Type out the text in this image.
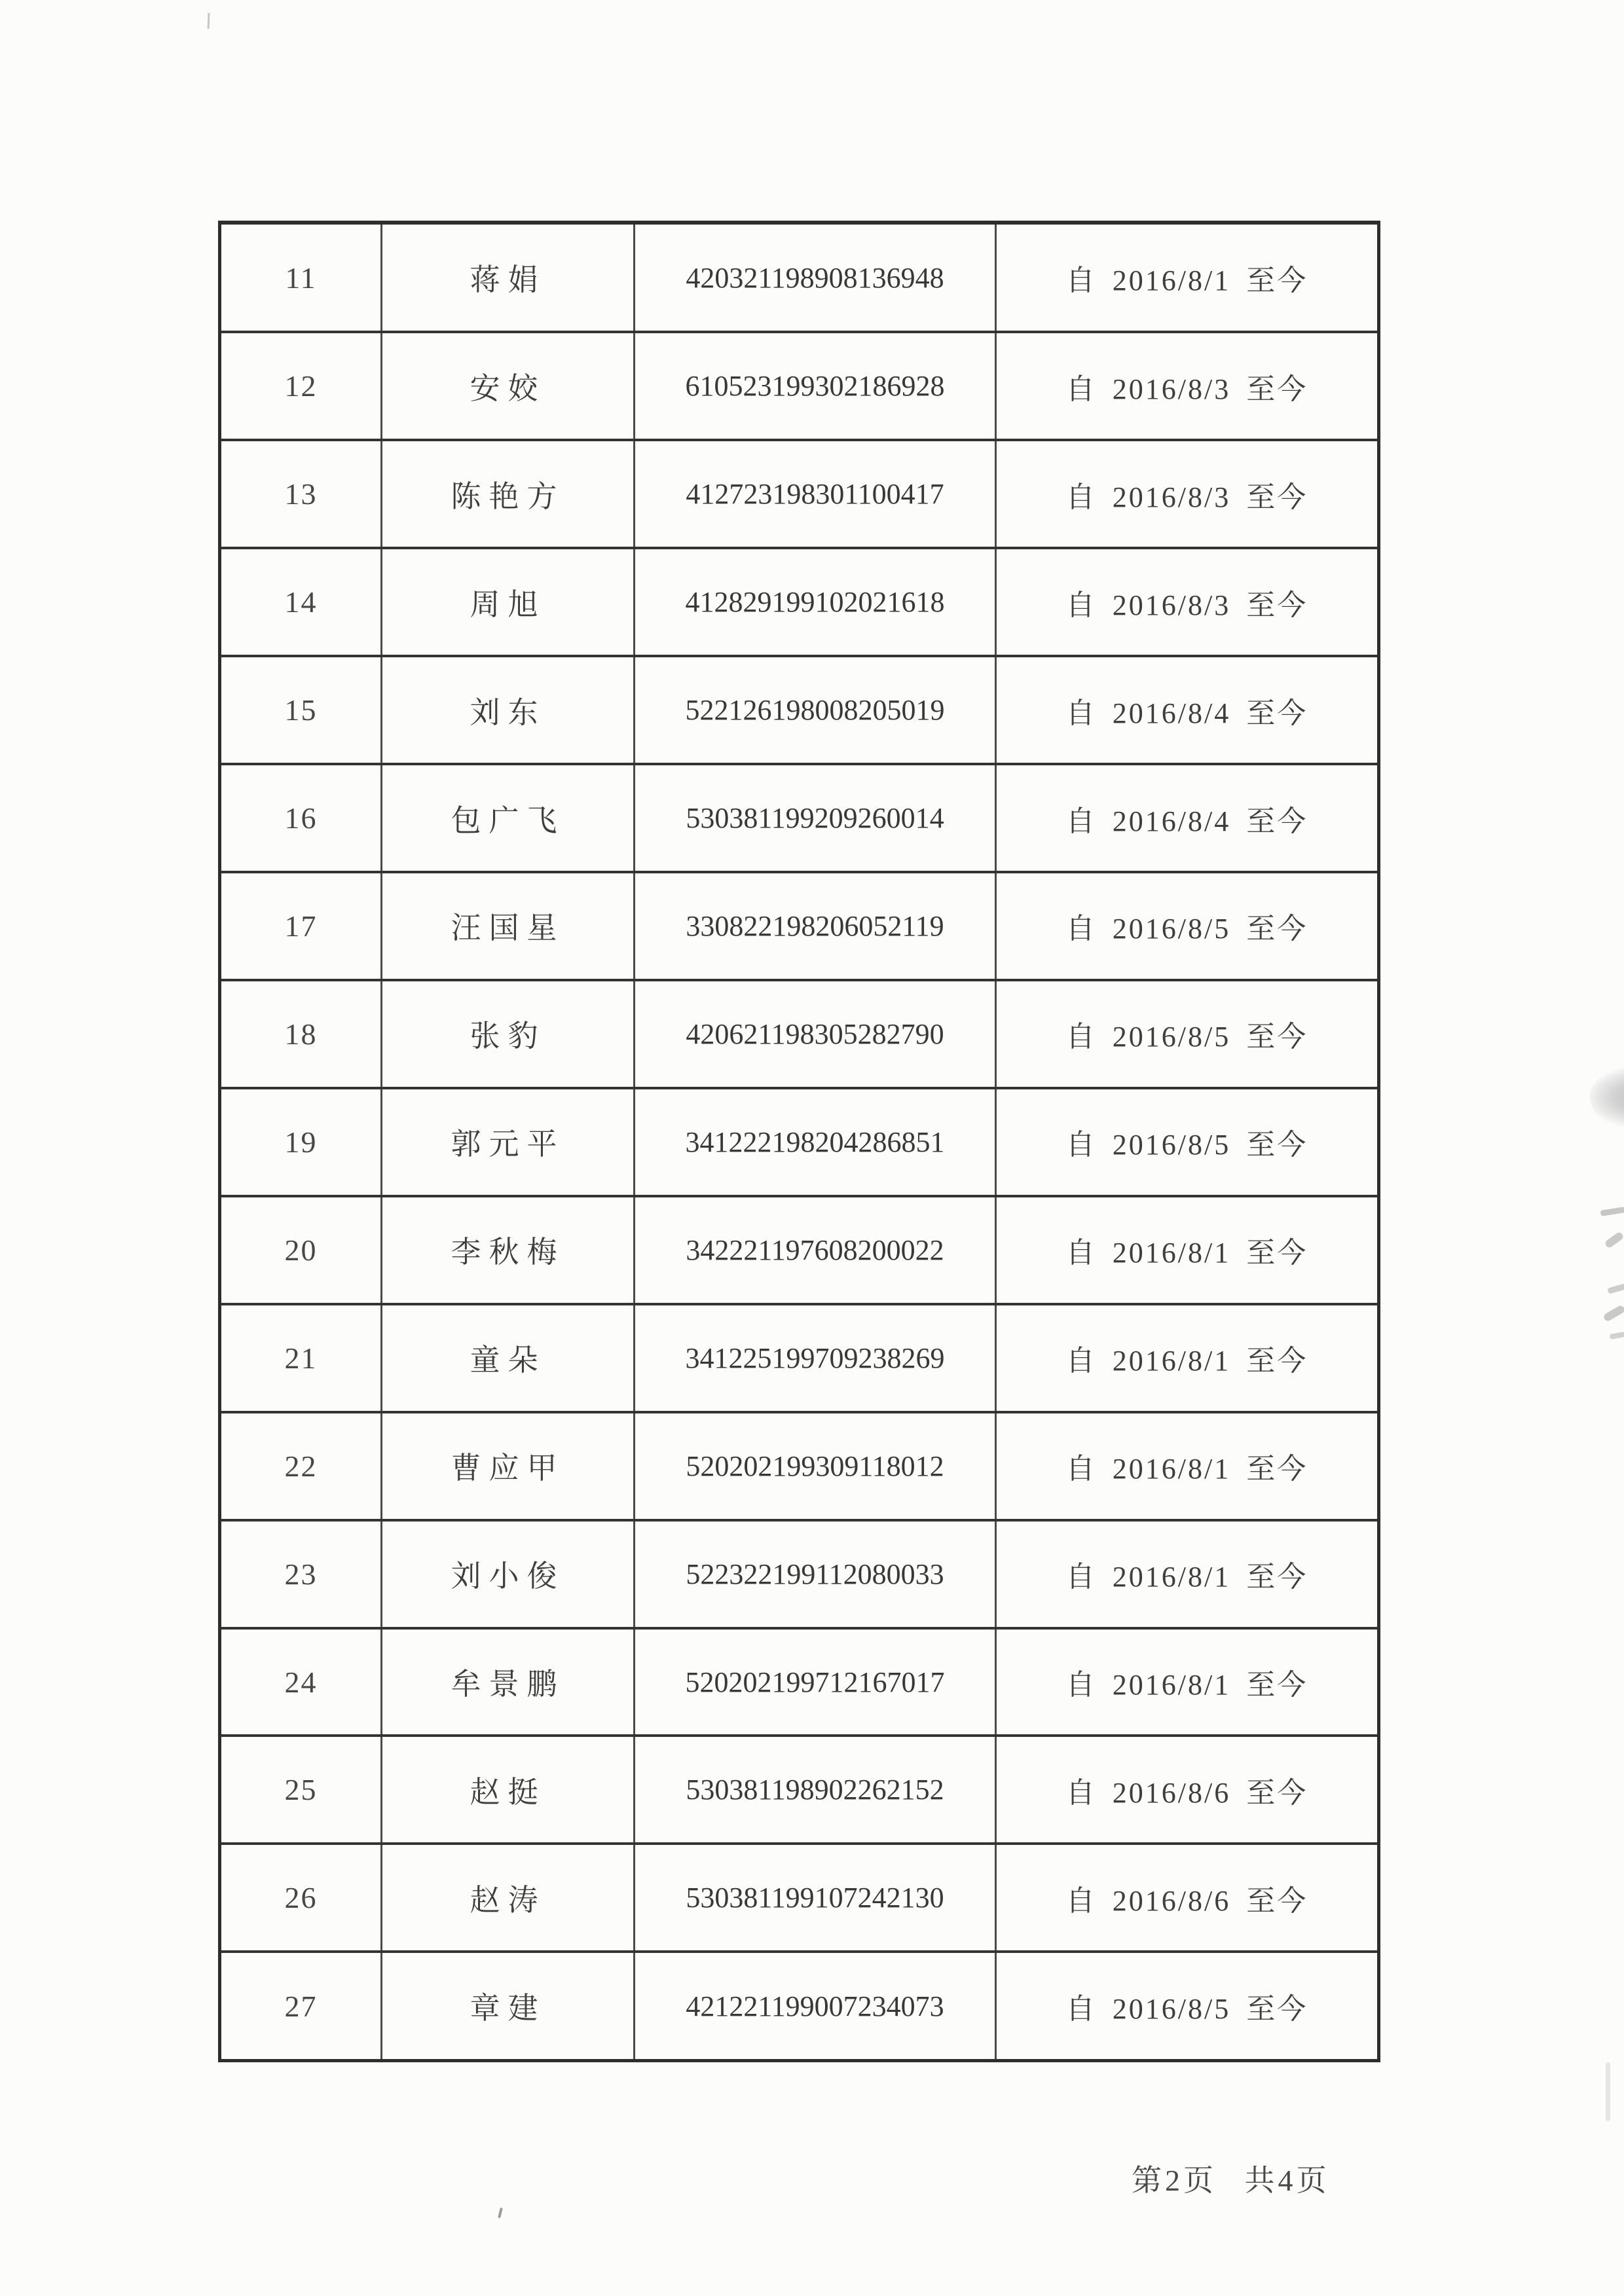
11	蒋娟	420321198908136948	自 2016/8/1 至今
12	安姣	610523199302186928	自 2016/8/3 至今
13	陈艳方	412723198301100417	自 2016/8/3 至今
14	周旭	412829199102021618	自 2016/8/3 至今
15	刘东	522126198008205019	自 2016/8/4 至今
16	包广飞	530381199209260014	自 2016/8/4 至今
17	汪国星	330822198206052119	自 2016/8/5 至今
18	张豹	420621198305282790	自 2016/8/5 至今
19	郭元平	341222198204286851	自 2016/8/5 至今
20	李秋梅	342221197608200022	自 2016/8/1 至今
21	童朵	341225199709238269	自 2016/8/1 至今
22	曹应甲	520202199309118012	自 2016/8/1 至今
23	刘小俊	522322199112080033	自 2016/8/1 至今
24	牟景鹏	520202199712167017	自 2016/8/1 至今
25	赵挺	530381198902262152	自 2016/8/6 至今
26	赵涛	530381199107242130	自 2016/8/6 至今
27	章建	421221199007234073	自 2016/8/5 至今
第2页 共4页
